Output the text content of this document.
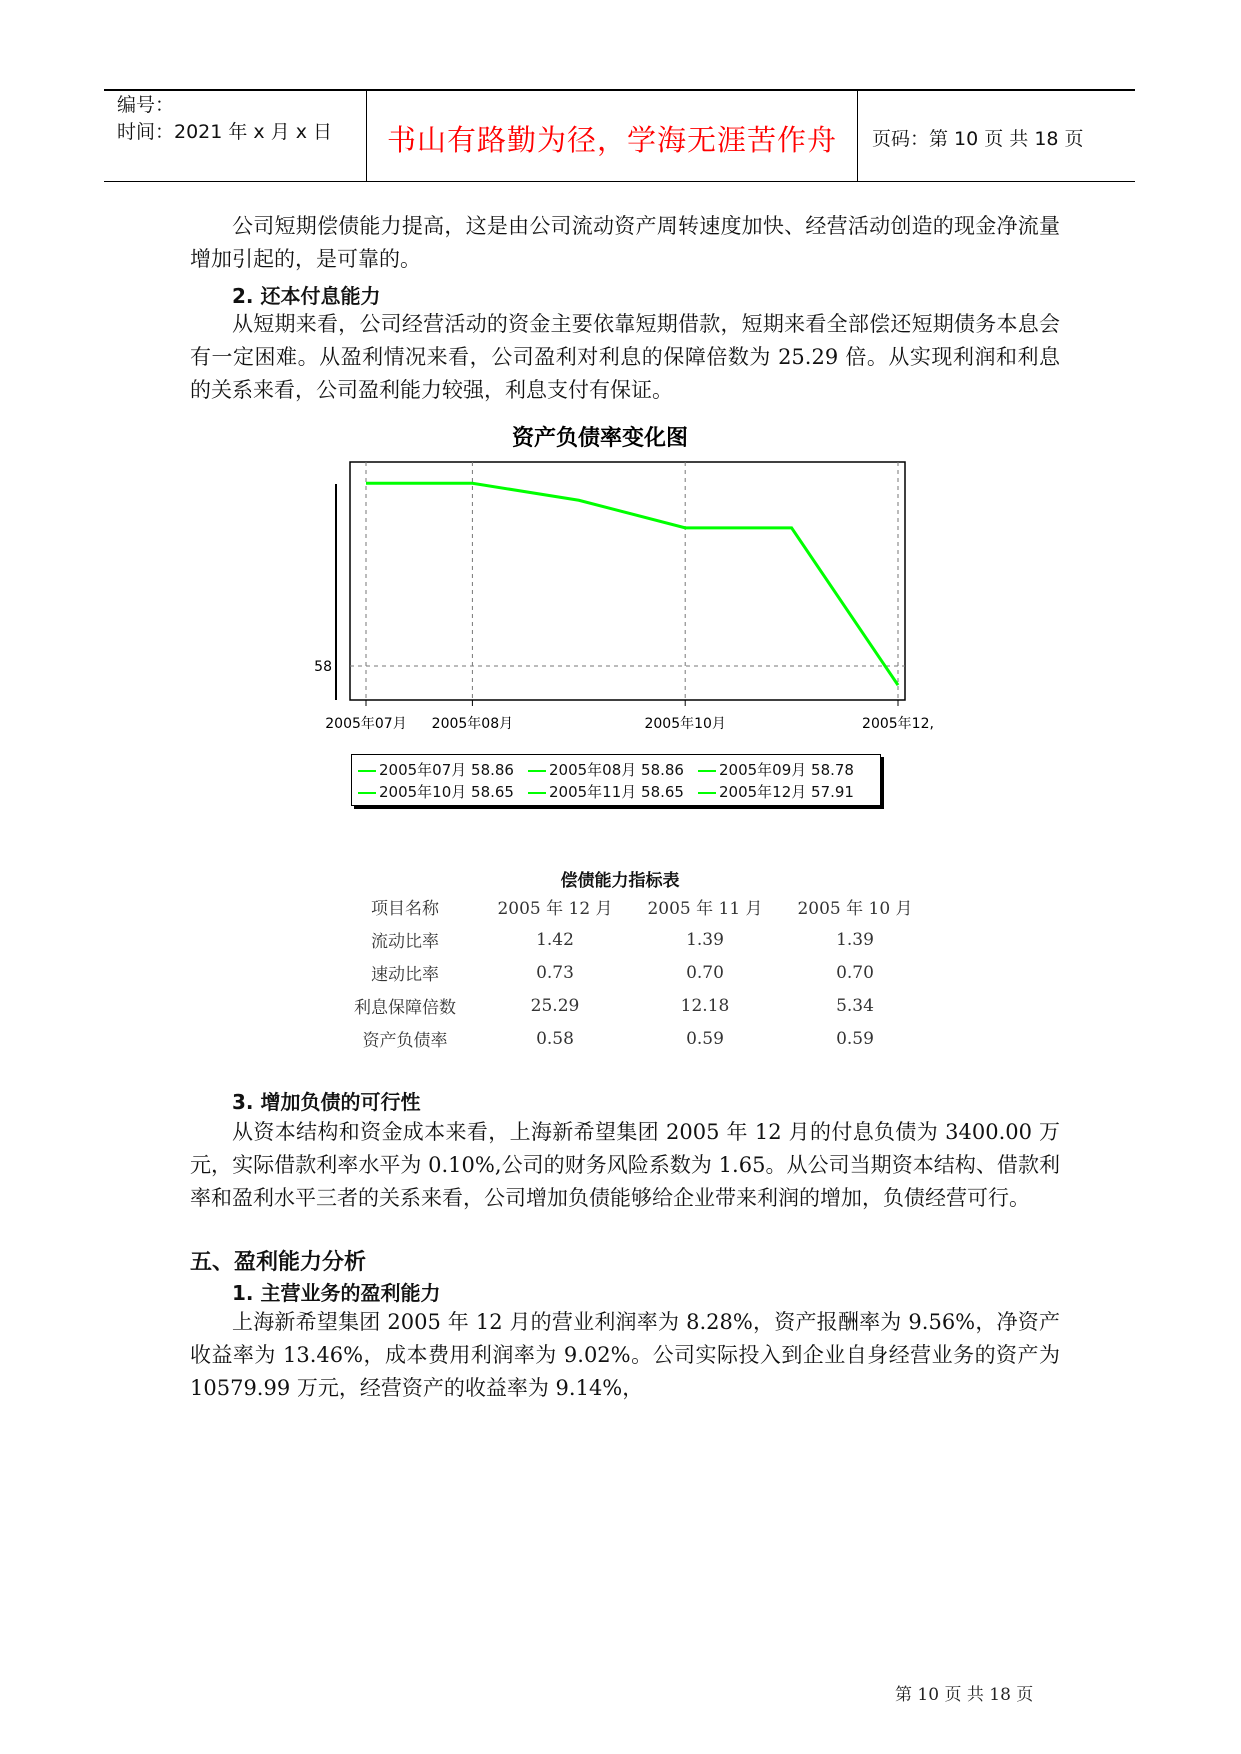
编号：
时间：2021 年 x 月 x 日	书山有路勤为径，学海无涯苦作舟	页码：第 10 页 共 18 页

公司短期偿债能力提高，这是由公司流动资产周转速度加快、经营活动创造的现金净流量增加引起的，是可靠的。

2. 还本付息能力

从短期来看，公司经营活动的资金主要依靠短期借款，短期来看全部偿还短期债务本息会有一定困难。从盈利情况来看，公司盈利对利息的保障倍数为 25.29 倍。从实现利润和利息的关系来看，公司盈利能力较强，利息支付有保证。

资产负债率变化图
2005年07月 2005年08月	2005年10月	2005年12,
58
2005年07月 58.86	2005年08月 58.86	2005年09月 58.78
2005年10月 58.65	2005年11月 58.65	2005年12月 57.91
偿债能力指标表
项目名称	2005 年 12 月	2005 年 11 月	2005 年 10 月
流动比率	1.42	1.39	1.39
速动比率	0.73	0.70	0.70
利息保障倍数	25.29	12.18	5.34
资产负债率	0.58	0.59	0.59
3. 增加负债的可行性

从资本结构和资金成本来看，上海新希望集团 2005 年 12 月的付息负债为 3400.00 万元，实际借款利率水平为 0.10%,公司的财务风险系数为 1.65。从公司当期资本结构、借款利率和盈利水平三者的关系来看，公司增加负债能够给企业带来利润的增加，负债经营可行。

五、盈利能力分析
1. 主营业务的盈利能力

上海新希望集团 2005 年 12 月的营业利润率为 8.28%，资产报酬率为 9.56%，净资产收益率为 13.46%，成本费用利润率为 9.02%。公司实际投入到企业自身经营业务的资产为 10579.99 万元，经营资产的收益率为 9.14%，

第 10 页 共 18 页
